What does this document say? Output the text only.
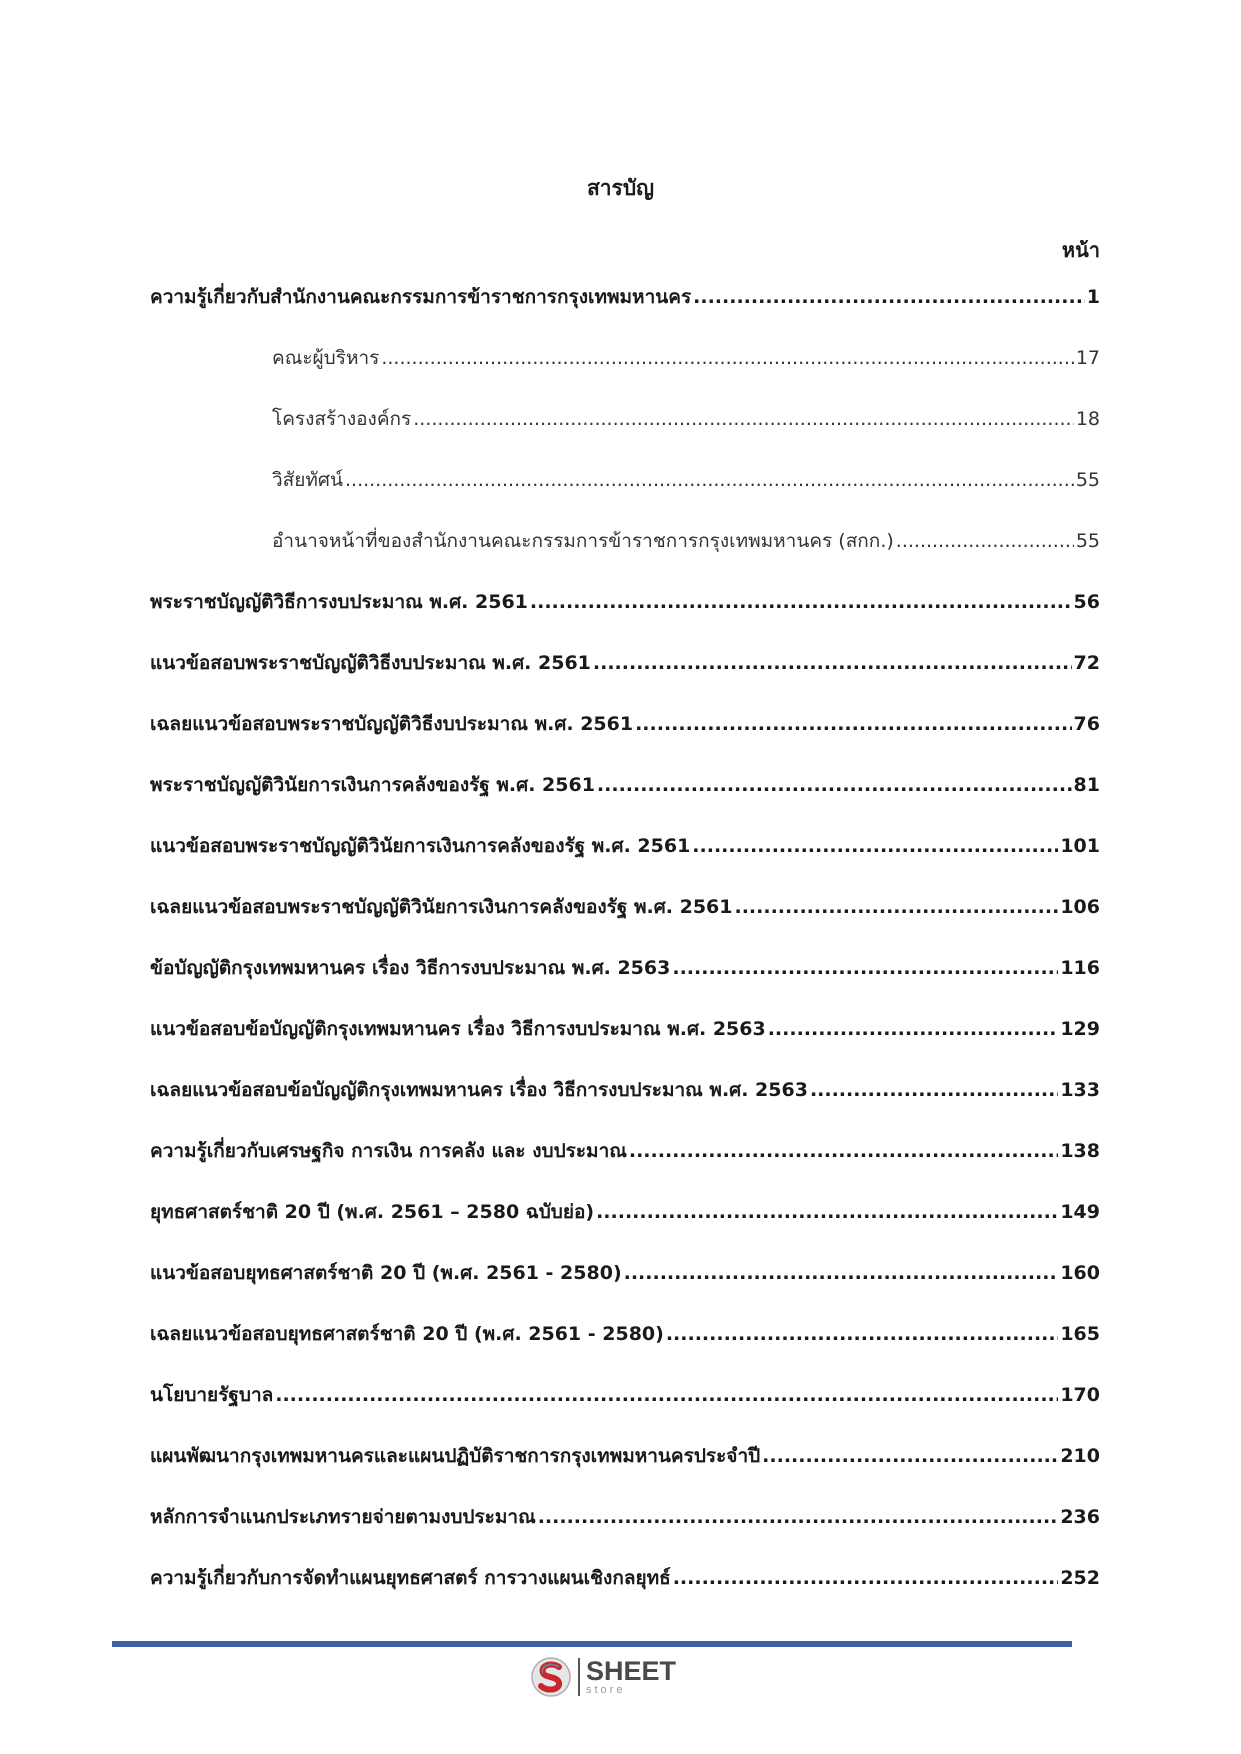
สารบัญ
หน้า
ความรู้เกี่ยวกับสำนักงานคณะกรรมการข้าราชการกรุงเทพมหานคร .....	1
คณะผู้บริหาร .....	17
โครงสร้างองค์กร .....	18
วิสัยทัศน์ .....	55
อำนาจหน้าที่ของสำนักงานคณะกรรมการข้าราชการกรุงเทพมหานคร (สกก.) .....	55
พระราชบัญญัติวิธีการงบประมาณ พ.ศ. 2561 .....	56
แนวข้อสอบพระราชบัญญัติวิธีงบประมาณ พ.ศ. 2561 .....	72
เฉลยแนวข้อสอบพระราชบัญญัติวิธีงบประมาณ พ.ศ. 2561 .....	76
พระราชบัญญัติวินัยการเงินการคลังของรัฐ พ.ศ. 2561 .....	81
แนวข้อสอบพระราชบัญญัติวินัยการเงินการคลังของรัฐ พ.ศ. 2561 .....	101
เฉลยแนวข้อสอบพระราชบัญญัติวินัยการเงินการคลังของรัฐ พ.ศ. 2561 .....	106
ข้อบัญญัติกรุงเทพมหานคร เรื่อง วิธีการงบประมาณ พ.ศ. 2563 .....	116
แนวข้อสอบข้อบัญญัติกรุงเทพมหานคร เรื่อง วิธีการงบประมาณ พ.ศ. 2563 .....	129
เฉลยแนวข้อสอบข้อบัญญัติกรุงเทพมหานคร เรื่อง วิธีการงบประมาณ พ.ศ. 2563 .....	133
ความรู้เกี่ยวกับเศรษฐกิจ การเงิน การคลัง และ งบประมาณ .....	138
ยุทธศาสตร์ชาติ 20 ปี (พ.ศ. 2561 – 2580 ฉบับย่อ) .....	149
แนวข้อสอบยุทธศาสตร์ชาติ 20 ปี (พ.ศ. 2561 - 2580) .....	160
เฉลยแนวข้อสอบยุทธศาสตร์ชาติ 20 ปี (พ.ศ. 2561 - 2580) .....	165
นโยบายรัฐบาล .....	170
แผนพัฒนากรุงเทพมหานครและแผนปฏิบัติราชการกรุงเทพมหานครประจำปี .....	210
หลักการจำแนกประเภทรายจ่ายตามงบประมาณ .....	236
ความรู้เกี่ยวกับการจัดทำแผนยุทธศาสตร์ การวางแผนเชิงกลยุทธ์ .....	252
SHEET
store
